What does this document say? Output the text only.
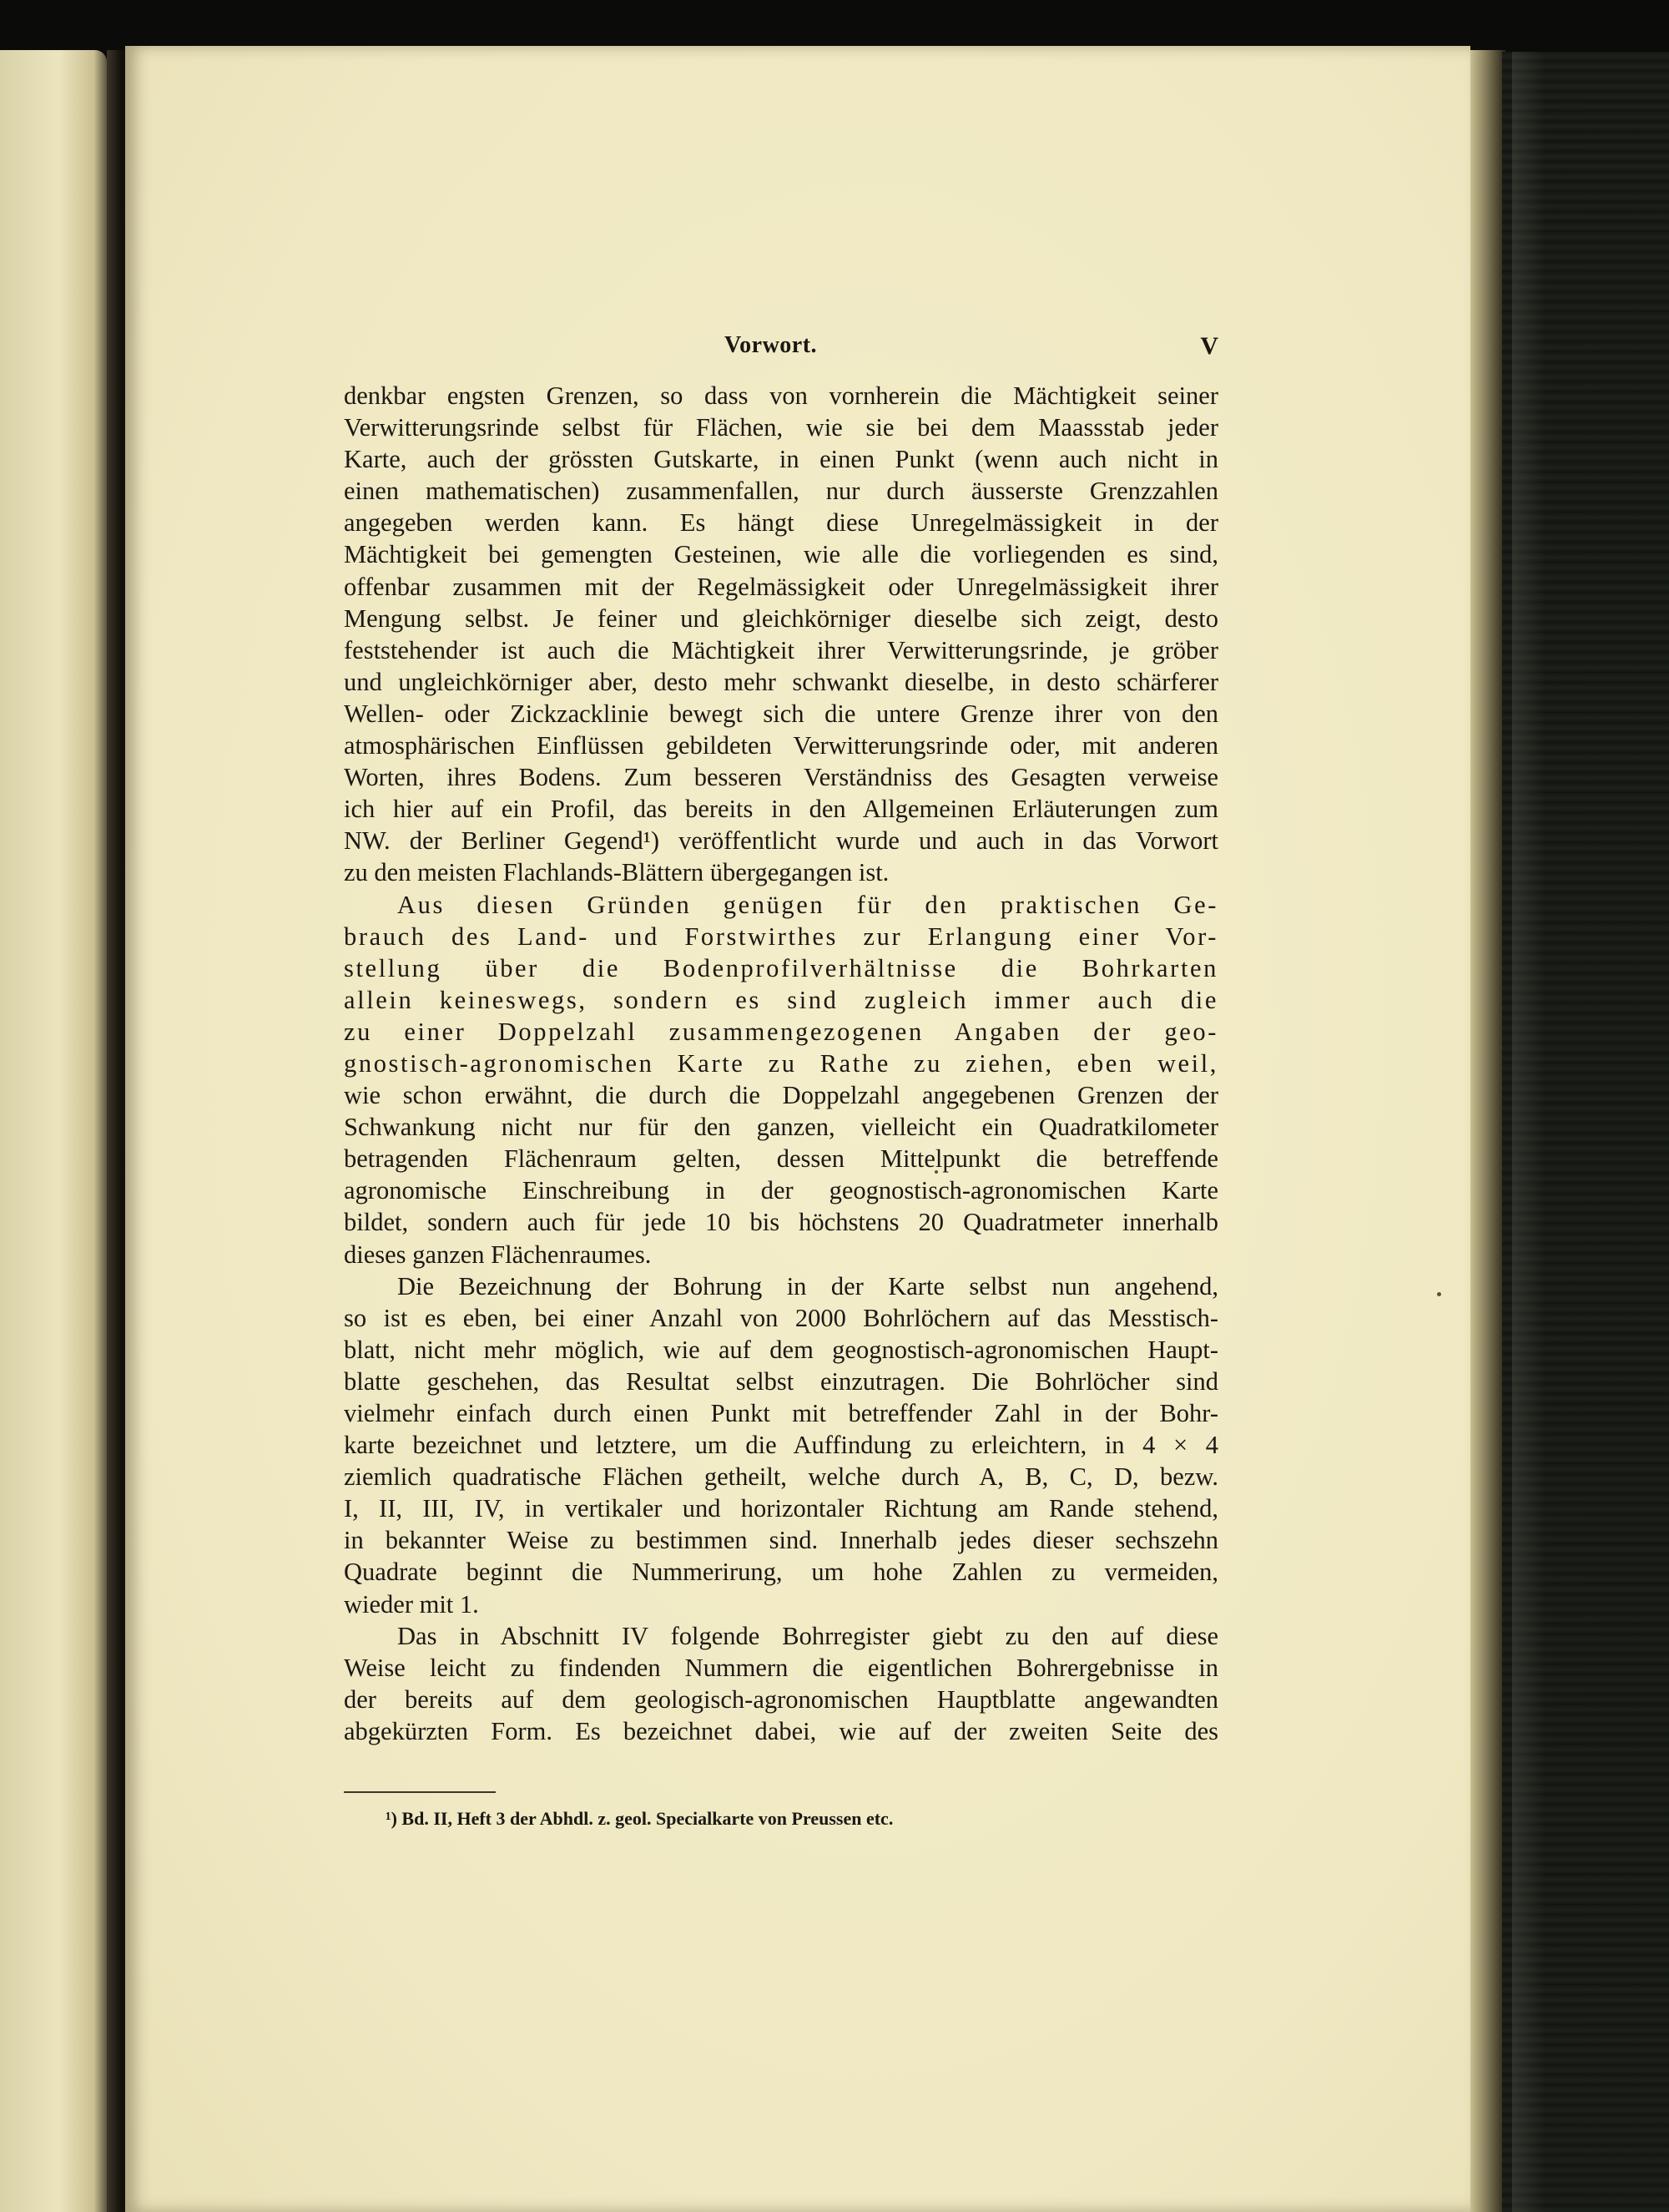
Vorwort.	V
denkbar engsten Grenzen, so dass von vornherein die Mächtigkeit seiner
Verwitterungsrinde selbst für Flächen, wie sie bei dem Maassstab jeder
Karte, auch der grössten Gutskarte, in einen Punkt (wenn auch nicht in
einen mathematischen) zusammenfallen, nur durch äusserste Grenzzahlen
angegeben werden kann. Es hängt diese Unregelmässigkeit in der
Mächtigkeit bei gemengten Gesteinen, wie alle die vorliegenden es sind,
offenbar zusammen mit der Regelmässigkeit oder Unregelmässigkeit ihrer
Mengung selbst. Je feiner und gleichkörniger dieselbe sich zeigt, desto
feststehender ist auch die Mächtigkeit ihrer Verwitterungsrinde, je gröber
und ungleichkörniger aber, desto mehr schwankt dieselbe, in desto schärferer
Wellen- oder Zickzacklinie bewegt sich die untere Grenze ihrer von den
atmosphärischen Einflüssen gebildeten Verwitterungsrinde oder, mit anderen
Worten, ihres Bodens. Zum besseren Verständniss des Gesagten verweise
ich hier auf ein Profil, das bereits in den Allgemeinen Erläuterungen zum
NW. der Berliner Gegend¹) veröffentlicht wurde und auch in das Vorwort
zu den meisten Flachlands-Blättern übergegangen ist.
Aus diesen Gründen genügen für den praktischen Ge-
brauch des Land- und Forstwirthes zur Erlangung einer Vor-
stellung über die Bodenprofilverhältnisse die Bohrkarten
allein keineswegs, sondern es sind zugleich immer auch die
zu einer Doppelzahl zusammengezogenen Angaben der geo-
gnostisch-agronomischen Karte zu Rathe zu ziehen, eben weil,
wie schon erwähnt, die durch die Doppelzahl angegebenen Grenzen der
Schwankung nicht nur für den ganzen, vielleicht ein Quadratkilometer
betragenden Flächenraum gelten, dessen Mittelpunkt die betreffende
agronomische Einschreibung in der geognostisch-agronomischen Karte
bildet, sondern auch für jede 10 bis höchstens 20 Quadratmeter innerhalb
dieses ganzen Flächenraumes.
Die Bezeichnung der Bohrung in der Karte selbst nun angehend,
so ist es eben, bei einer Anzahl von 2000 Bohrlöchern auf das Messtisch-
blatt, nicht mehr möglich, wie auf dem geognostisch-agronomischen Haupt-
blatte geschehen, das Resultat selbst einzutragen. Die Bohrlöcher sind
vielmehr einfach durch einen Punkt mit betreffender Zahl in der Bohr-
karte bezeichnet und letztere, um die Auffindung zu erleichtern, in 4 × 4
ziemlich quadratische Flächen getheilt, welche durch A, B, C, D, bezw.
I, II, III, IV, in vertikaler und horizontaler Richtung am Rande stehend,
in bekannter Weise zu bestimmen sind. Innerhalb jedes dieser sechszehn
Quadrate beginnt die Nummerirung, um hohe Zahlen zu vermeiden,
wieder mit 1.
Das in Abschnitt IV folgende Bohrregister giebt zu den auf diese
Weise leicht zu findenden Nummern die eigentlichen Bohrergebnisse in
der bereits auf dem geologisch-agronomischen Hauptblatte angewandten
abgekürzten Form. Es bezeichnet dabei, wie auf der zweiten Seite des
¹) Bd. II, Heft 3 der Abhdl. z. geol. Specialkarte von Preussen etc.
